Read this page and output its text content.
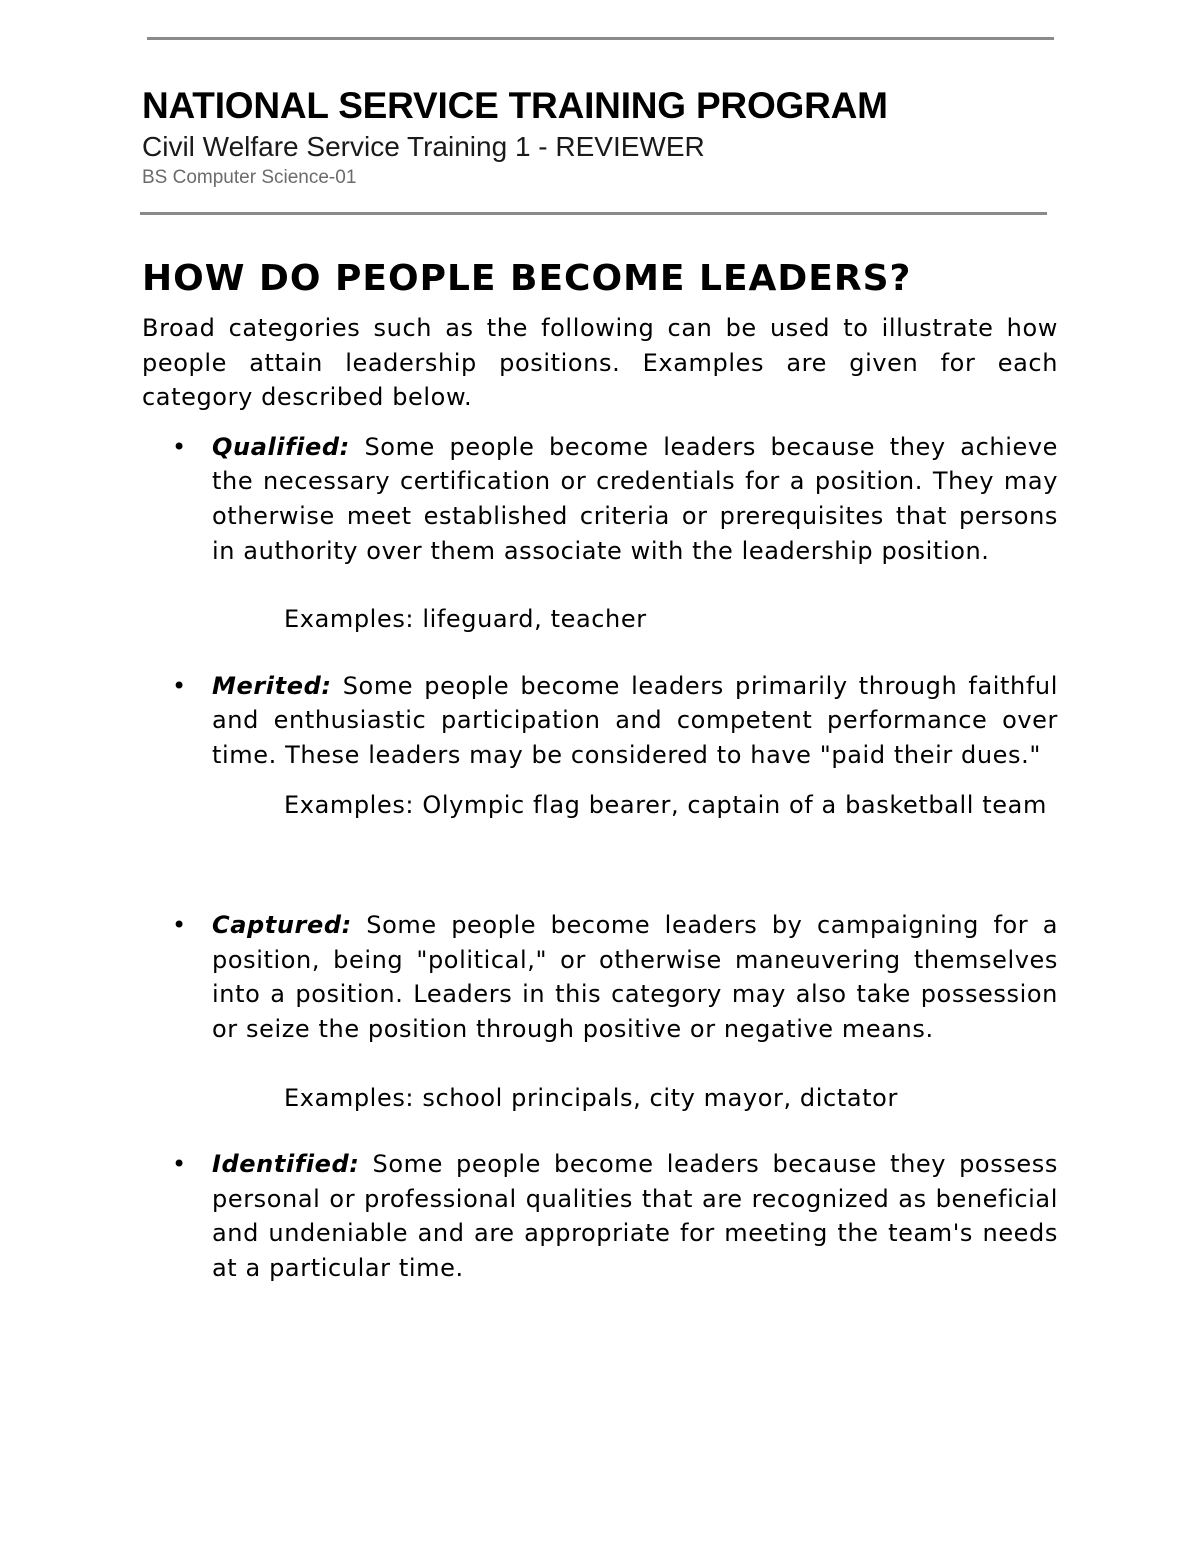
NATIONAL SERVICE TRAINING PROGRAM
Civil Welfare Service Training 1 - REVIEWER
BS Computer Science-01
HOW DO PEOPLE BECOME LEADERS?

Broad categories such as the following can be used to illustrate how people attain leadership positions. Examples are given for each category described below.

• Qualified: Some people become leaders because they achieve the necessary certification or credentials for a position. They may otherwise meet established criteria or prerequisites that persons in authority over them associate with the leadership position.
Examples: lifeguard, teacher
• Merited: Some people become leaders primarily through faithful and enthusiastic participation and competent performance over time. These leaders may be considered to have "paid their dues."
Examples: Olympic flag bearer, captain of a basketball team
• Captured: Some people become leaders by campaigning for a position, being "political," or otherwise maneuvering themselves into a position. Leaders in this category may also take possession or seize the position through positive or negative means.
Examples: school principals, city mayor, dictator
• Identified: Some people become leaders because they possess personal or professional qualities that are recognized as beneficial and undeniable and are appropriate for meeting the team's needs at a particular time.
